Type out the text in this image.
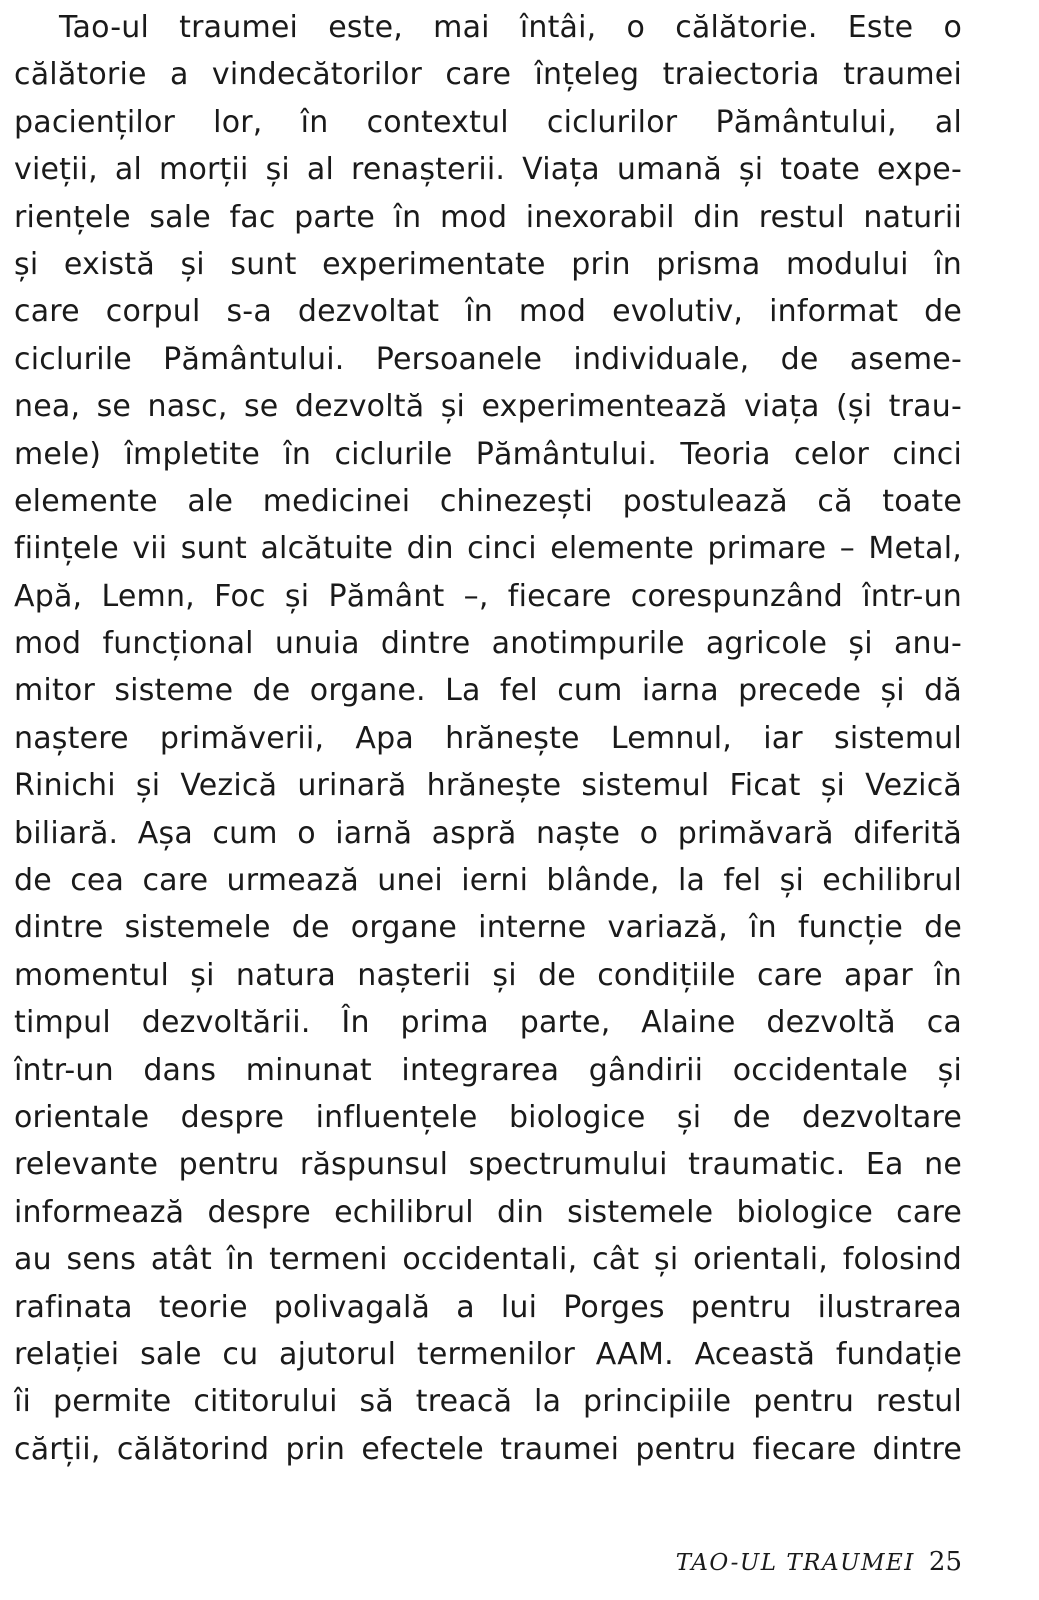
Tao-ul traumei este, mai întâi, o călătorie. Este o
călătorie a vindecătorilor care înțeleg traiectoria traumei
pacienților lor, în contextul ciclurilor Pământului, al
vieții, al morții și al renașterii. Viața umană și toate expe-
riențele sale fac parte în mod inexorabil din restul naturii
și există și sunt experimentate prin prisma modului în
care corpul s-a dezvoltat în mod evolutiv, informat de
ciclurile Pământului. Persoanele individuale, de aseme-
nea, se nasc, se dezvoltă și experimentează viața (și trau-
mele) împletite în ciclurile Pământului. Teoria celor cinci
elemente ale medicinei chinezești postulează că toate
ființele vii sunt alcătuite din cinci elemente primare – Metal,
Apă, Lemn, Foc și Pământ –, fiecare corespunzând într-un
mod funcțional unuia dintre anotimpurile agricole și anu-
mitor sisteme de organe. La fel cum iarna precede și dă
naștere primăverii, Apa hrănește Lemnul, iar sistemul
Rinichi și Vezică urinară hrănește sistemul Ficat și Vezică
biliară. Așa cum o iarnă aspră naște o primăvară diferită
de cea care urmează unei ierni blânde, la fel și echilibrul
dintre sistemele de organe interne variază, în funcție de
momentul și natura nașterii și de condițiile care apar în
timpul dezvoltării. În prima parte, Alaine dezvoltă ca
într-un dans minunat integrarea gândirii occidentale și
orientale despre influențele biologice și de dezvoltare
relevante pentru răspunsul spectrumului traumatic. Ea ne
informează despre echilibrul din sistemele biologice care
au sens atât în termeni occidentali, cât și orientali, folosind
rafinata teorie polivagală a lui Porges pentru ilustrarea
relației sale cu ajutorul termenilor AAM. Această fundație
îi permite cititorului să treacă la principiile pentru restul
cărții, călătorind prin efectele traumei pentru fiecare dintre
TAO-UL TRAUMEI 25
